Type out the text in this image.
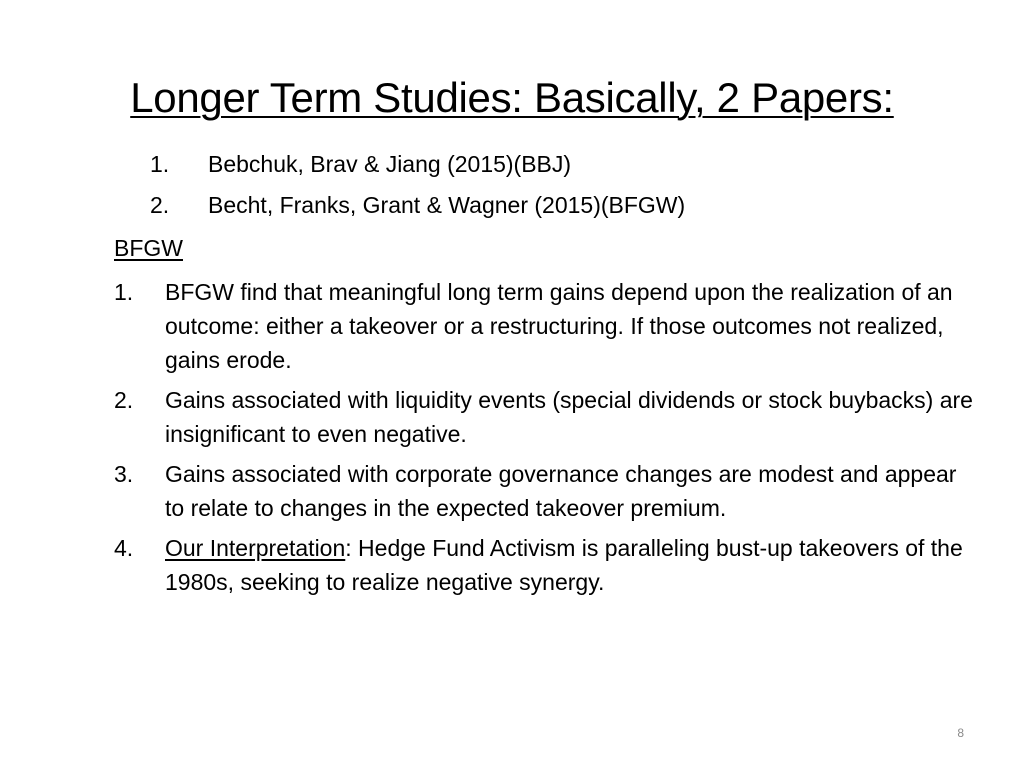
Longer Term Studies: Basically, 2 Papers:
1.	Bebchuk, Brav & Jiang (2015)(BBJ)
2.	Becht, Franks, Grant & Wagner (2015)(BFGW)
BFGW
1.	BFGW find that meaningful long term gains depend upon the realization of an outcome: either a takeover or a restructuring. If those outcomes not realized, gains erode.
2.	Gains associated with liquidity events (special dividends or stock buybacks) are insignificant to even negative.
3.	Gains associated with corporate governance changes are modest and appear to relate to changes in the expected takeover premium.
4.	Our Interpretation: Hedge Fund Activism is paralleling bust-up takeovers of the 1980s, seeking to realize negative synergy.
8
